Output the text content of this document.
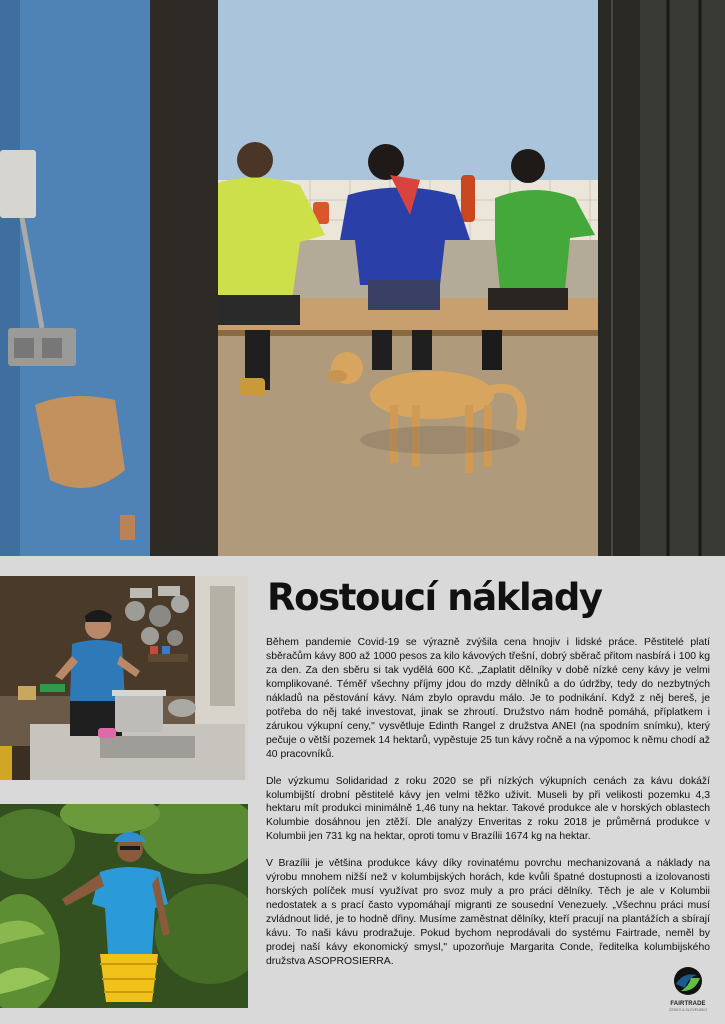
Rostoucí náklady

Během pandemie Covid-19 se výrazně zvýšila cena hnojiv i lidské práce. Pěstitelé platí sběračům kávy 800 až 1000 pesos za kilo kávových třešní, dobrý sběrač přitom nasbírá i 100 kg za den. Za den sběru si tak vydělá 600 Kč. „Zaplatit dělníky v době nízké ceny kávy je velmi komplikované. Téměř všechny příjmy jdou do mzdy dělníků a do údržby, tedy do nezbytných nákladů na pěstování kávy. Nám zbylo opravdu málo. Je to podnikání. Když z něj bereš, je potřeba do něj také investovat, jinak se zhroutí. Družstvo nám hodně pomáhá, příplatkem i zárukou výkupní ceny," vysvětluje Edinth Rangel z družstva ANEI (na spodním snímku), který pečuje o větší pozemek 14 hektarů, vypěstuje 25 tun kávy ročně a na výpomoc k němu chodí až 40 pracovníků.

Dle výzkumu Solidaridad z roku 2020 se při nízkých výkupních cenách za kávu dokáží kolumbijští drobní pěstitelé kávy jen velmi těžko uživit. Museli by při velikosti pozemku 4,3 hektaru mít produkci minimálně 1,46 tuny na hektar. Takové produkce ale v horských oblastech Kolumbie dosáhnou jen ztěží. Dle analýzy Enveritas z roku 2018 je průměrná produkce v Kolumbii jen 731 kg na hektar, oproti tomu v Brazílii 1674 kg na hektar.

V Brazílii je většina produkce kávy díky rovinatému povrchu mechanizovaná a náklady na výrobu mnohem nižší než v kolumbijských horách, kde kvůli špatné dostupnosti a izolovanosti horských políček musí využívat pro svoz muly a pro práci dělníky. Těch je ale v Kolumbii nedostatek a s prací často vypomáhají migranti ze sousední Venezuely. „Všechnu práci musí zvládnout lidé, je to hodně dřiny. Musíme zaměstnat dělníky, kteří pracují na plantážích a sbírají kávu. To naši kávu prodražuje. Pokud bychom neprodávali do systému Fairtrade, neměl by prodej naší kávy ekonomický smysl," upozorňuje Margarita Conde, ředitelka kolumbijského družstva ASOPROSIERRA.

FAIRTRADE
ČESKO & SLOVENSKO
